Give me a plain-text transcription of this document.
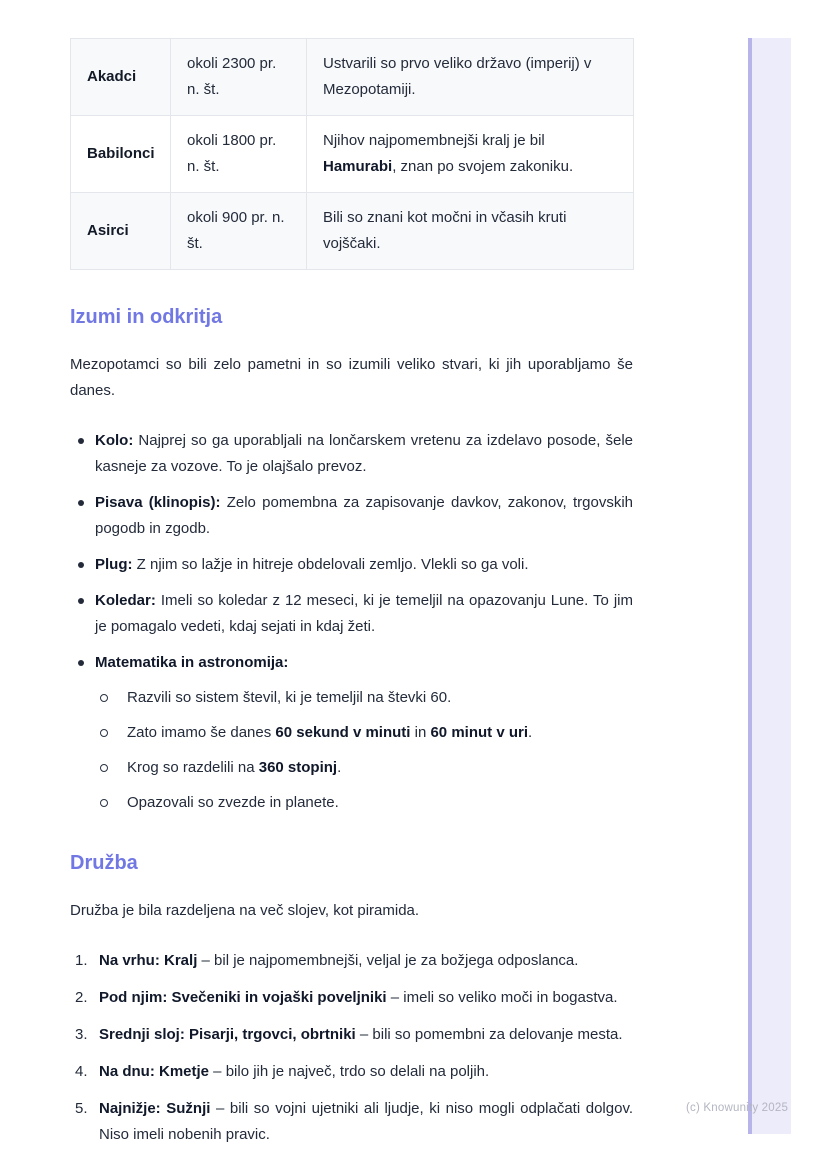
Akadci	okoli 2300 pr. n. št.	Ustvarili so prvo veliko državo (imperij) v Mezopotamiji.
Babilonci	okoli 1800 pr. n. št.	Njihov najpomembnejši kralj je bil Hamurabi, znan po svojem zakoniku.
Asirci	okoli 900 pr. n. št.	Bili so znani kot močni in včasih kruti vojščaki.
Izumi in odkritja

Mezopotamci so bili zelo pametni in so izumili veliko stvari, ki jih uporabljamo še danes.

Kolo: Najprej so ga uporabljali na lončarskem vretenu za izdelavo posode, šele kasneje za vozove. To je olajšalo prevoz.
Pisava (klinopis): Zelo pomembna za zapisovanje davkov, zakonov, trgovskih pogodb in zgodb.
Plug: Z njim so lažje in hitreje obdelovali zemljo. Vlekli so ga voli.
Koledar: Imeli so koledar z 12 meseci, ki je temeljil na opazovanju Lune. To jim je pomagalo vedeti, kdaj sejati in kdaj žeti.
Matematika in astronomija:
Razvili so sistem števil, ki je temeljil na števki 60.
Zato imamo še danes 60 sekund v minuti in 60 minut v uri.
Krog so razdelili na 360 stopinj.
Opazovali so zvezde in planete.
Družba

Družba je bila razdeljena na več slojev, kot piramida.

1. Na vrhu: Kralj – bil je najpomembnejši, veljal je za božjega odposlanca.
2. Pod njim: Svečeniki in vojaški poveljniki – imeli so veliko moči in bogastva.
3. Srednji sloj: Pisarji, trgovci, obrtniki – bili so pomembni za delovanje mesta.
4. Na dnu: Kmetje – bilo jih je največ, trdo so delali na poljih.
5. Najnižje: Sužnji – bili so vojni ujetniki ali ljudje, ki niso mogli odplačati dolgov. Niso imeli nobenih pravic.
(c) Knowunity 2025
